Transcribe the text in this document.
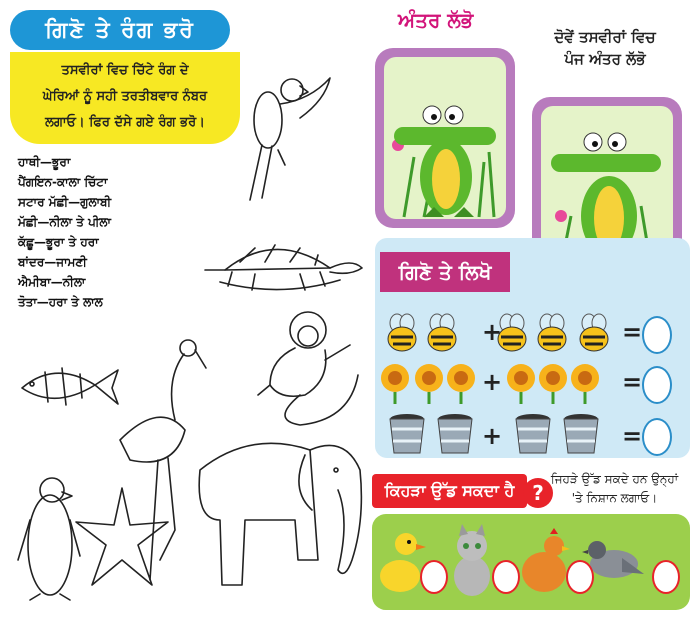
ਗਿਣੋ ਤੇ ਰੰਗ ਭਰੋ
ਤਸਵੀਰਾਂ ਵਿਚ ਚਿੱਟੇ ਰੰਗ ਦੇ
ਘੇਰਿਆਂ ਨੂੰ ਸਹੀ ਤਰਤੀਬਵਾਰ ਨੰਬਰ
ਲਗਾਓ। ਫਿਰ ਦੱਸੇ ਗਏ ਰੰਗ ਭਰੋ।
ਹਾਥੀ—ਭੂਰਾ
ਪੈਂਗਇਨ-ਕਾਲਾ ਚਿੱਟਾ
ਸਟਾਰ ਮੱਛੀ—ਗੁਲਾਬੀ
ਮੱਛੀ—ਨੀਲਾ ਤੇ ਪੀਲਾ
ਕੱਛੂ—ਭੂਰਾ ਤੇ ਹਰਾ
ਬਾਂਦਰ—ਜਾਮਣੀ
ਐਮੀਬਾ—ਨੀਲਾ
ਤੋਤਾ—ਹਰਾ ਤੇ ਲਾਲ
ਅੰਤਰ ਲੱਭੋ
ਦੋਵੇਂ ਤਸਵੀਰਾਂ ਵਿਚ
ਪੰਜ ਅੰਤਰ ਲੱਭੋ
ਗਿਣੋ ਤੇ ਲਿਖੋ
+	=
+	=
+	=
ਕਿਹੜਾ ਉੱਡ ਸਕਦਾ ਹੈ ?
ਜਿਹੜੇ ਉੱਡ ਸਕਦੇ ਹਨ ਉਨ੍ਹਾਂ
'ਤੇ ਨਿਸ਼ਾਨ ਲਗਾਓ।
